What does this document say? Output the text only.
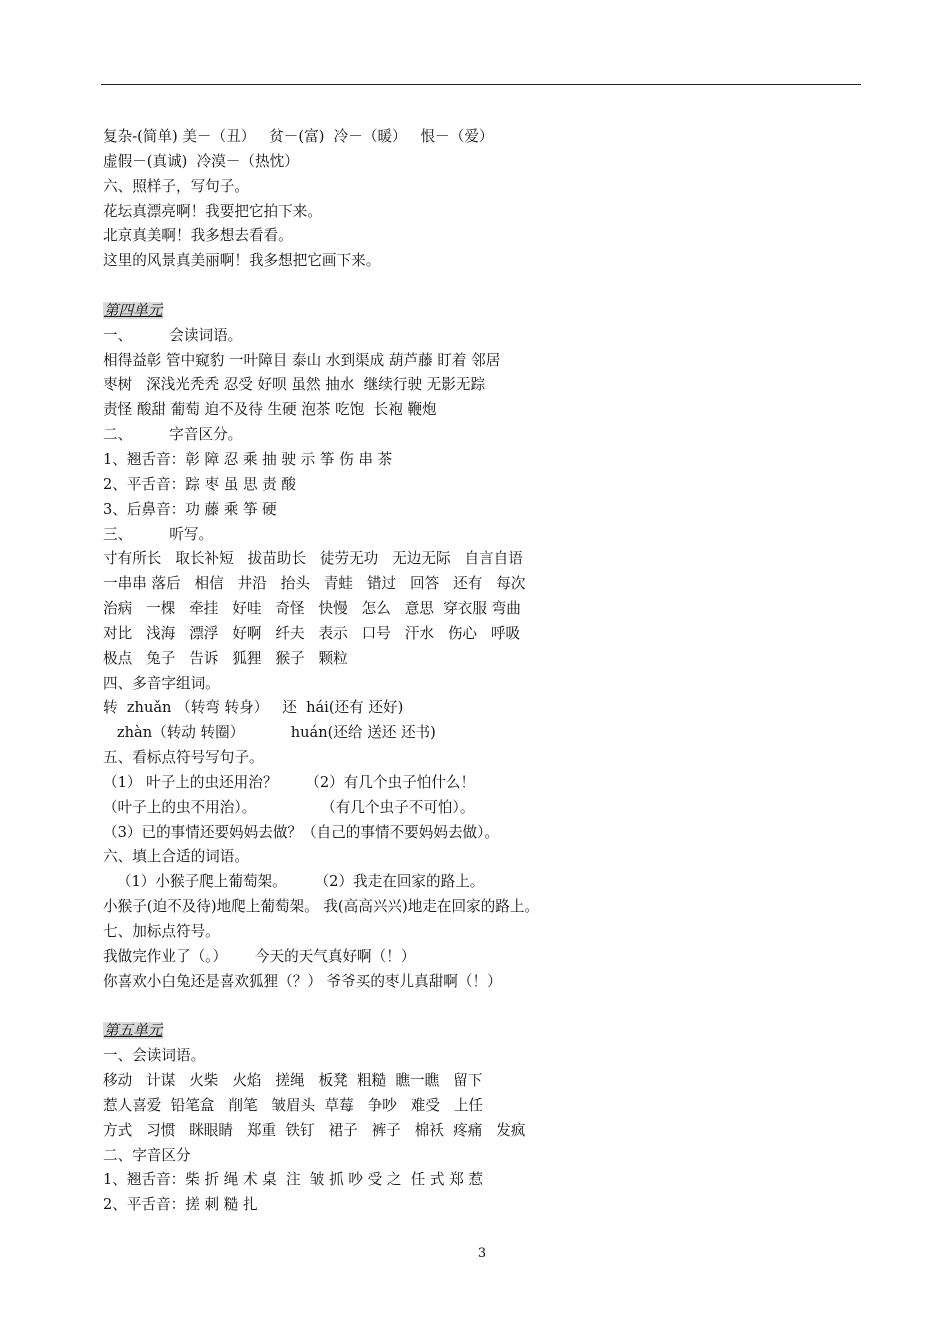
复杂-(简单) 美－（丑）   贫－(富)  冷－（暖）   恨－（爱）
虚假－(真诚)  冷漠－（热忱）
六、照样子，写句子。
花坛真漂亮啊！我要把它拍下来。
北京真美啊！我多想去看看。
这里的风景真美丽啊！我多想把它画下来。
第四单元
一、        会读词语。
相得益彰 管中窥豹 一叶障目 泰山 水到渠成 葫芦藤 盯着 邻居
枣树   深浅光秃秃 忍受 好呗 虽然 抽水  继续行驶 无影无踪
责怪 酸甜 葡萄 迫不及待 生硬 泡茶 吃饱  长袍 鞭炮
二、        字音区分。
1、翘舌音：彰 障 忍 乘 抽 驶 示 筝 伤 串 茶
2、平舌音：踪 枣 虽 思 责 酸
3、后鼻音：功 藤 乘 筝 硬
三、        听写。
寸有所长   取长补短   拔苗助长   徒劳无功   无边无际   自言自语
一串串 落后   相信   井沿   抬头   青蛙   错过   回答   还有   每次
治病   一棵   牵挂   好哇   奇怪   快慢   怎么   意思  穿衣服 弯曲
对比   浅海   漂浮   好啊   纤夫   表示   口号   汗水   伤心   呼吸
极点   兔子   告诉   狐狸   猴子   颗粒
四、多音字组词。
转  zhuǎn （转弯 转身）   还  hái(还有 还好)
zhàn（转动 转圈）          huán(还给 送还 还书)
五、看标点符号写句子。
（1） 叶子上的虫还用治？      （2）有几个虫子怕什么！
（叶子上的虫不用治）。              （有几个虫子不可怕）。
（3）已的事情还要妈妈去做？（自己的事情不要妈妈去做）。
六、填上合适的词语。
（1）小猴子爬上葡萄架。      （2）我走在回家的路上。
小猴子(迫不及待)地爬上葡萄架。 我(高高兴兴)地走在回家的路上。
七、加标点符号。
我做完作业了（。）      今天的天气真好啊（！）
你喜欢小白兔还是喜欢狐狸（？） 爷爷买的枣儿真甜啊（！）
第五单元
一、会读词语。
移动   计谋   火柴   火焰   搓绳   板凳  粗糙  瞧一瞧   留下
惹人喜爱  铅笔盒   削笔   皱眉头  草莓   争吵   难受   上任
方式   习惯   眯眼睛   郑重  铁钉   裙子   裤子   棉袄  疼痛   发疯
二、字音区分
1、翘舌音：柴 折 绳 术 桌  注  皱 抓 吵 受 之  任 式 郑 惹
2、平舌音：搓 刺 糙 扎
3
